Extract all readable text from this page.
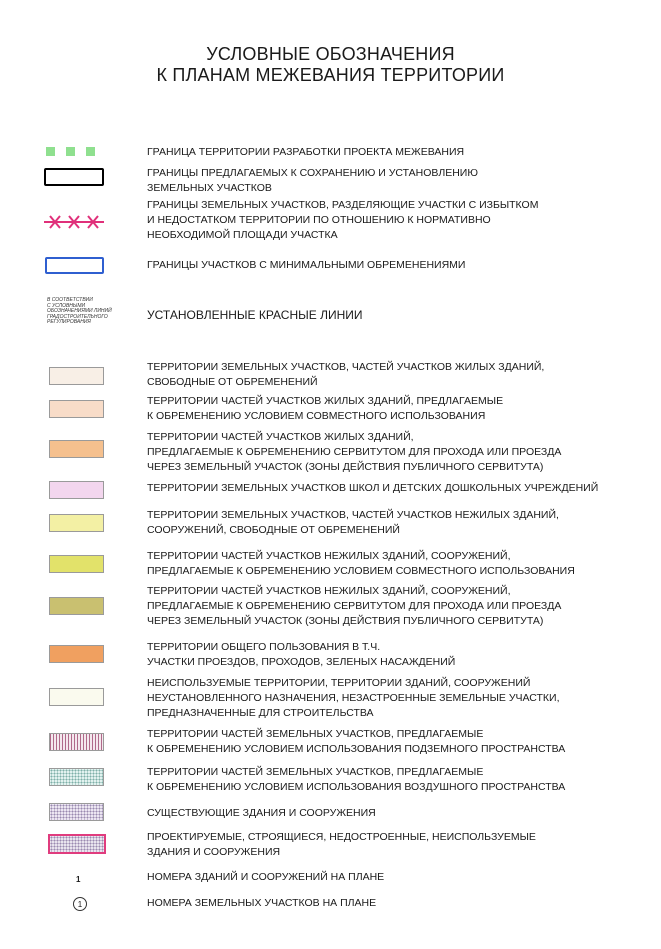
УСЛОВНЫЕ ОБОЗНАЧЕНИЯ
К ПЛАНАМ МЕЖЕВАНИЯ ТЕРРИТОРИИ
ГРАНИЦА ТЕРРИТОРИИ РАЗРАБОТКИ ПРОЕКТА МЕЖЕВАНИЯ
ГРАНИЦЫ ПРЕДЛАГАЕМЫХ К СОХРАНЕНИЮ И УСТАНОВЛЕНИЮ
ЗЕМЕЛЬНЫХ УЧАСТКОВ
ГРАНИЦЫ ЗЕМЕЛЬНЫХ УЧАСТКОВ, РАЗДЕЛЯЮЩИЕ УЧАСТКИ С ИЗБЫТКОМ
И НЕДОСТАТКОМ ТЕРРИТОРИИ ПО ОТНОШЕНИЮ К НОРМАТИВНО
НЕОБХОДИМОЙ ПЛОЩАДИ УЧАСТКА
ГРАНИЦЫ УЧАСТКОВ С МИНИМАЛЬНЫМИ ОБРЕМЕНЕНИЯМИ
В СООТВЕТСТВИИ
С УСЛОВНЫМИ
ОБОЗНАЧЕНИЯМИ ЛИНИЙ
ГРАДОСТРОИТЕЛЬНОГО
РЕГУЛИРОВАНИЯ	УСТАНОВЛЕННЫЕ КРАСНЫЕ ЛИНИИ
ТЕРРИТОРИИ ЗЕМЕЛЬНЫХ УЧАСТКОВ, ЧАСТЕЙ УЧАСТКОВ ЖИЛЫХ ЗДАНИЙ,
СВОБОДНЫЕ ОТ ОБРЕМЕНЕНИЙ
ТЕРРИТОРИИ ЧАСТЕЙ УЧАСТКОВ ЖИЛЫХ ЗДАНИЙ, ПРЕДЛАГАЕМЫЕ
К ОБРЕМЕНЕНИЮ УСЛОВИЕМ СОВМЕСТНОГО ИСПОЛЬЗОВАНИЯ
ТЕРРИТОРИИ ЧАСТЕЙ УЧАСТКОВ ЖИЛЫХ ЗДАНИЙ,
ПРЕДЛАГАЕМЫЕ К ОБРЕМЕНЕНИЮ СЕРВИТУТОМ ДЛЯ ПРОХОДА ИЛИ ПРОЕЗДА
ЧЕРЕЗ ЗЕМЕЛЬНЫЙ УЧАСТОК (ЗОНЫ ДЕЙСТВИЯ ПУБЛИЧНОГО СЕРВИТУТА)
ТЕРРИТОРИИ ЗЕМЕЛЬНЫХ УЧАСТКОВ ШКОЛ И ДЕТСКИХ ДОШКОЛЬНЫХ УЧРЕЖДЕНИЙ
ТЕРРИТОРИИ ЗЕМЕЛЬНЫХ УЧАСТКОВ, ЧАСТЕЙ УЧАСТКОВ НЕЖИЛЫХ ЗДАНИЙ,
СООРУЖЕНИЙ, СВОБОДНЫЕ ОТ ОБРЕМЕНЕНИЙ
ТЕРРИТОРИИ ЧАСТЕЙ УЧАСТКОВ НЕЖИЛЫХ ЗДАНИЙ, СООРУЖЕНИЙ,
ПРЕДЛАГАЕМЫЕ К ОБРЕМЕНЕНИЮ УСЛОВИЕМ СОВМЕСТНОГО ИСПОЛЬЗОВАНИЯ
ТЕРРИТОРИИ ЧАСТЕЙ УЧАСТКОВ НЕЖИЛЫХ ЗДАНИЙ, СООРУЖЕНИЙ,
ПРЕДЛАГАЕМЫЕ К ОБРЕМЕНЕНИЮ СЕРВИТУТОМ ДЛЯ ПРОХОДА ИЛИ ПРОЕЗДА
ЧЕРЕЗ ЗЕМЕЛЬНЫЙ УЧАСТОК (ЗОНЫ ДЕЙСТВИЯ ПУБЛИЧНОГО СЕРВИТУТА)
ТЕРРИТОРИИ ОБЩЕГО ПОЛЬЗОВАНИЯ В Т.Ч.
УЧАСТКИ ПРОЕЗДОВ, ПРОХОДОВ, ЗЕЛЕНЫХ НАСАЖДЕНИЙ
НЕИСПОЛЬЗУЕМЫЕ ТЕРРИТОРИИ, ТЕРРИТОРИИ ЗДАНИЙ, СООРУЖЕНИЙ
НЕУСТАНОВЛЕННОГО НАЗНАЧЕНИЯ, НЕЗАСТРОЕННЫЕ ЗЕМЕЛЬНЫЕ УЧАСТКИ,
ПРЕДНАЗНАЧЕННЫЕ ДЛЯ СТРОИТЕЛЬСТВА
ТЕРРИТОРИИ ЧАСТЕЙ ЗЕМЕЛЬНЫХ УЧАСТКОВ, ПРЕДЛАГАЕМЫЕ
К ОБРЕМЕНЕНИЮ УСЛОВИЕМ ИСПОЛЬЗОВАНИЯ ПОДЗЕМНОГО ПРОСТРАНСТВА
ТЕРРИТОРИИ ЧАСТЕЙ ЗЕМЕЛЬНЫХ УЧАСТКОВ, ПРЕДЛАГАЕМЫЕ
К ОБРЕМЕНЕНИЮ УСЛОВИЕМ ИСПОЛЬЗОВАНИЯ ВОЗДУШНОГО ПРОСТРАНСТВА
СУЩЕСТВУЮЩИЕ ЗДАНИЯ И СООРУЖЕНИЯ
ПРОЕКТИРУЕМЫЕ, СТРОЯЩИЕСЯ, НЕДОСТРОЕННЫЕ, НЕИСПОЛЬЗУЕМЫЕ
ЗДАНИЯ И СООРУЖЕНИЯ
1	НОМЕРА ЗДАНИЙ И СООРУЖЕНИЙ НА ПЛАНЕ
1	НОМЕРА ЗЕМЕЛЬНЫХ УЧАСТКОВ НА ПЛАНЕ
